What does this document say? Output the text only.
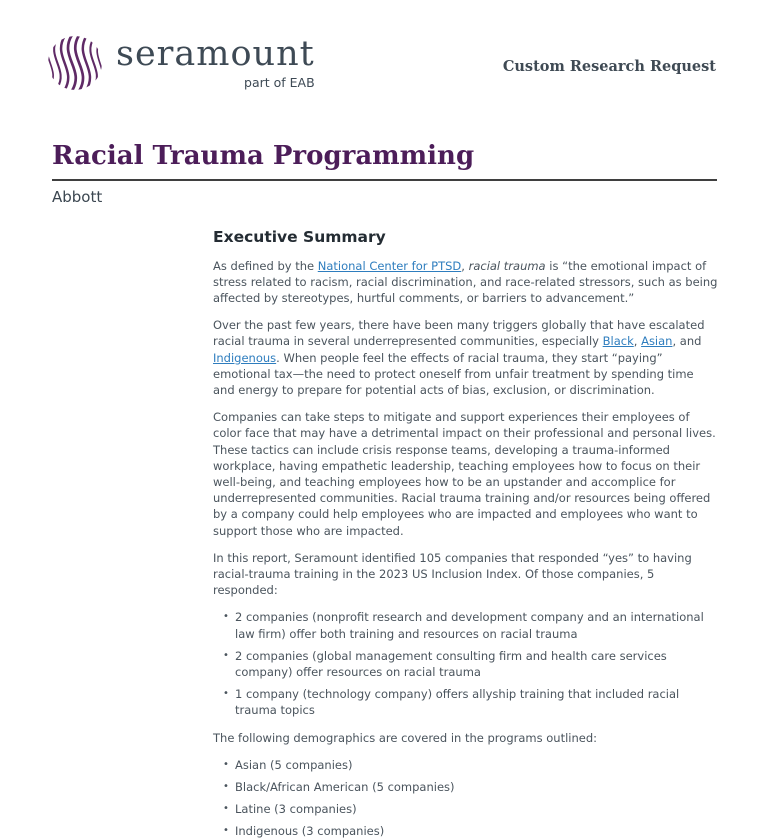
seramount
part of EAB
Custom Research Request
Racial Trauma Programming
Abbott
Executive Summary

As defined by the National Center for PTSD, racial trauma is “the emotional impact of stress related to racism, racial discrimination, and race-related stressors, such as being affected by stereotypes, hurtful comments, or barriers to advancement.”

Over the past few years, there have been many triggers globally that have escalated racial trauma in several underrepresented communities, especially Black, Asian, and Indigenous. When people feel the effects of racial trauma, they start “paying” emotional tax—the need to protect oneself from unfair treatment by spending time and energy to prepare for potential acts of bias, exclusion, or discrimination.

Companies can take steps to mitigate and support experiences their employees of color face that may have a detrimental impact on their professional and personal lives. These tactics can include crisis response teams, developing a trauma-informed workplace, having empathetic leadership, teaching employees how to focus on their well-being, and teaching employees how to be an upstander and accomplice for underrepresented communities. Racial trauma training and/or resources being offered by a company could help employees who are impacted and employees who want to support those who are impacted.

In this report, Seramount identified 105 companies that responded “yes” to having racial-trauma training in the 2023 US Inclusion Index. Of those companies, 5 responded:

• 2 companies (nonprofit research and development company and an international law firm) offer both training and resources on racial trauma
• 2 companies (global management consulting firm and health care services company) offer resources on racial trauma
• 1 company (technology company) offers allyship training that included racial trauma topics

The following demographics are covered in the programs outlined:

• Asian (5 companies)
• Black/African American (5 companies)
• Latine (3 companies)
• Indigenous (3 companies)
